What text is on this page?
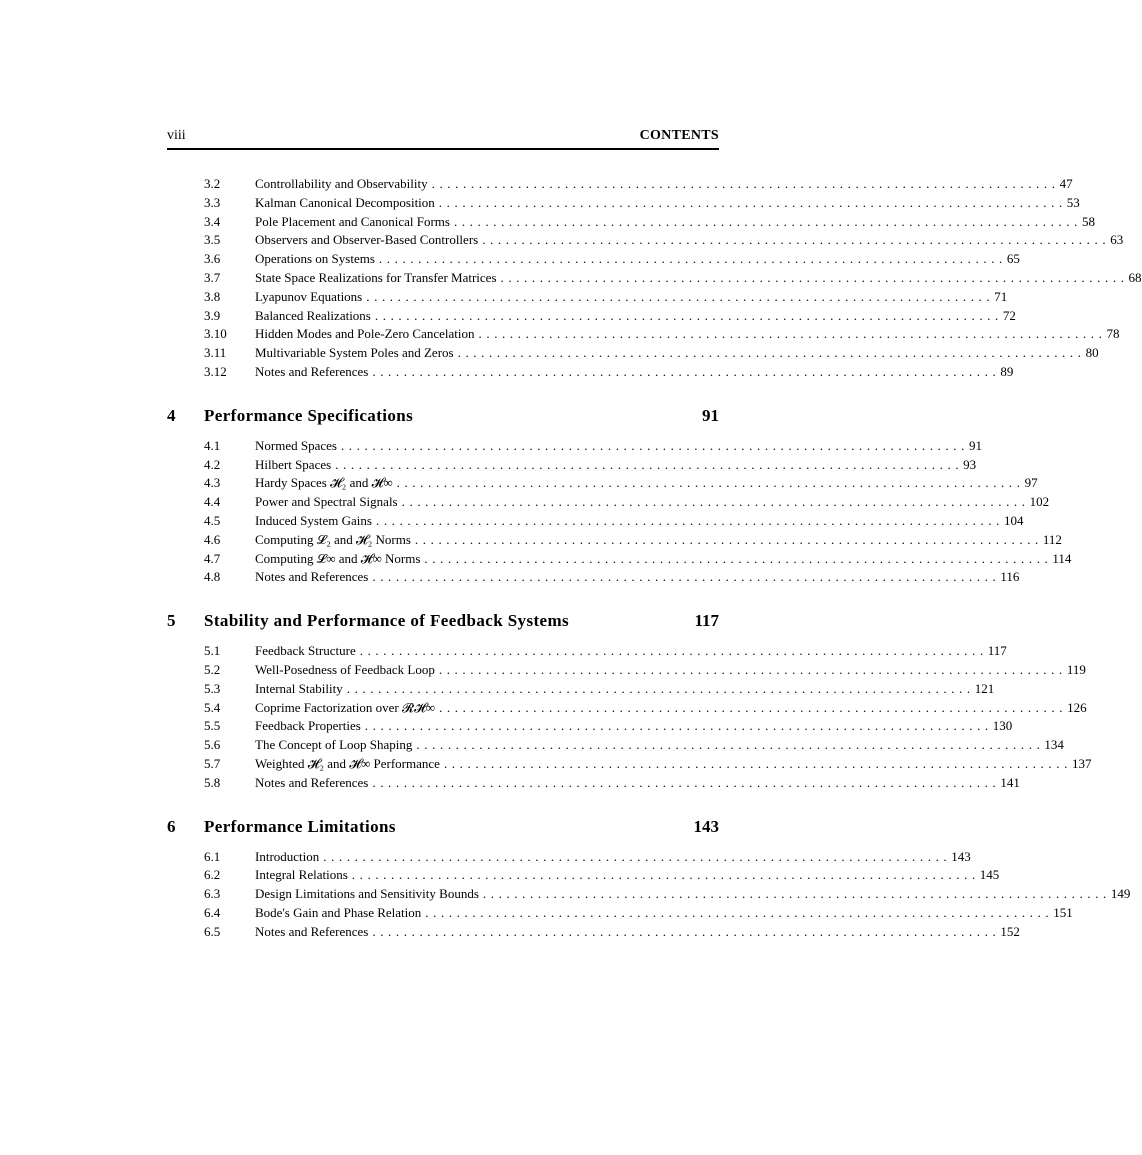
viii	CONTENTS
3.2	Controllability and Observability ................................................................................ 47
3.3	Kalman Canonical Decomposition ................................................................................ 53
3.4	Pole Placement and Canonical Forms ................................................................................ 58
3.5	Observers and Observer-Based Controllers ................................................................................ 63
3.6	Operations on Systems ................................................................................ 65
3.7	State Space Realizations for Transfer Matrices ................................................................................ 68
3.8	Lyapunov Equations ................................................................................ 71
3.9	Balanced Realizations ................................................................................ 72
3.10 Hidden Modes and Pole-Zero Cancelation ................................................................................ 78
3.11 Multivariable System Poles and Zeros ................................................................................ 80
3.12 Notes and References ................................................................................ 89
4 Performance Specifications	91
4.1	Normed Spaces ................................................................................ 91
4.2	Hilbert Spaces ................................................................................ 93
4.3	Hardy Spaces 𝓗₂ and 𝓗∞ ................................................................................ 97
4.4	Power and Spectral Signals ................................................................................ 102
4.5	Induced System Gains ................................................................................ 104
4.6	Computing 𝓛₂ and 𝓗₂ Norms ................................................................................ 112
4.7	Computing 𝓛∞ and 𝓗∞ Norms ................................................................................ 114
4.8	Notes and References ................................................................................ 116
5 Stability and Performance of Feedback Systems	117
5.1	Feedback Structure ................................................................................ 117
5.2	Well-Posedness of Feedback Loop ................................................................................ 119
5.3	Internal Stability ................................................................................ 121
5.4	Coprime Factorization over 𝓡𝓗∞ ................................................................................ 126
5.5	Feedback Properties ................................................................................ 130
5.6	The Concept of Loop Shaping ................................................................................ 134
5.7	Weighted 𝓗₂ and 𝓗∞ Performance ................................................................................ 137
5.8	Notes and References ................................................................................ 141
6 Performance Limitations	143
6.1	Introduction ................................................................................ 143
6.2	Integral Relations ................................................................................ 145
6.3	Design Limitations and Sensitivity Bounds ................................................................................ 149
6.4	Bode's Gain and Phase Relation ................................................................................ 151
6.5	Notes and References ................................................................................ 152
